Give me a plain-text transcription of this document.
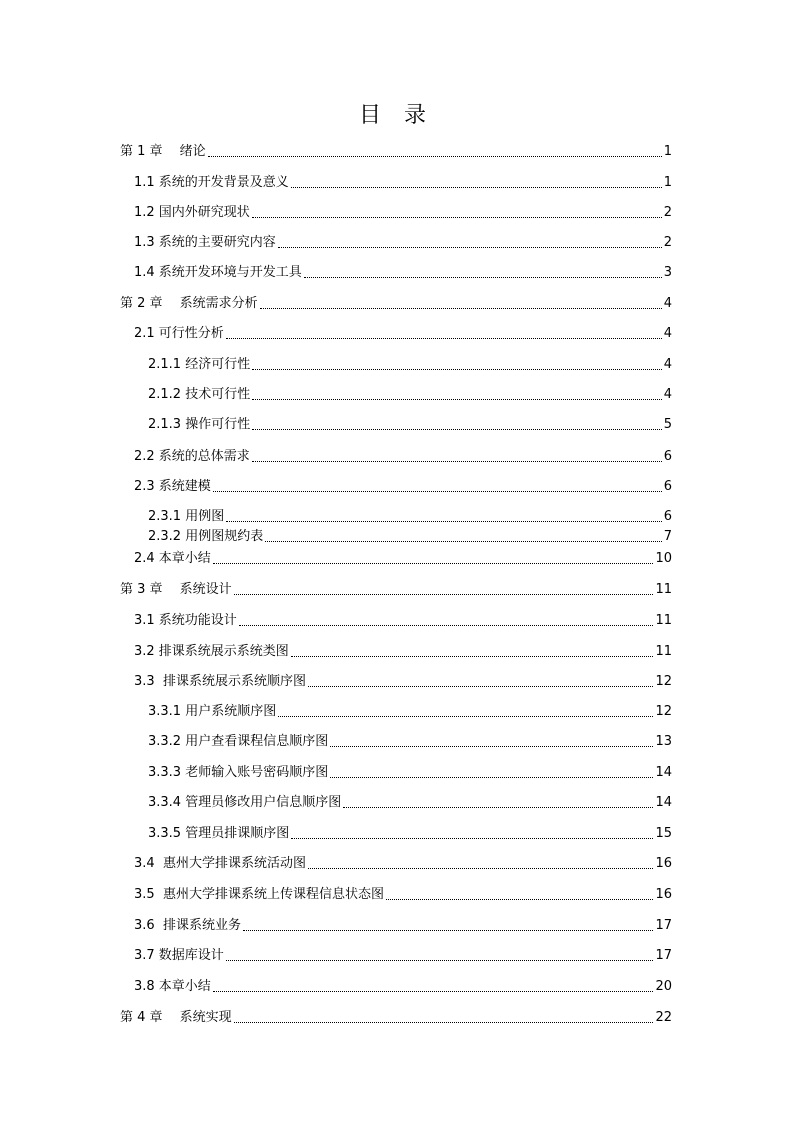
目 录
第 1 章　 绪论	1
1.1 系统的开发背景及意义	1
1.2 国内外研究现状	2
1.3 系统的主要研究内容	2
1.4 系统开发环境与开发工具	3
第 2 章　 系统需求分析	4
2.1 可行性分析	4
2.1.1 经济可行性	4
2.1.2 技术可行性	4
2.1.3 操作可行性	5
2.2 系统的总体需求	6
2.3 系统建模	6
2.3.1 用例图	6
2.3.2 用例图规约表	7
2.4 本章小结	10
第 3 章　 系统设计	11
3.1 系统功能设计	11
3.2 排课系统展示系统类图	11
3.3  排课系统展示系统顺序图	12
3.3.1 用户系统顺序图	12
3.3.2 用户查看课程信息顺序图	13
3.3.3 老师输入账号密码顺序图	14
3.3.4 管理员修改用户信息顺序图	14
3.3.5 管理员排课顺序图	15
3.4  惠州大学排课系统活动图	16
3.5  惠州大学排课系统上传课程信息状态图	16
3.6  排课系统业务	17
3.7 数据库设计	17
3.8 本章小结	20
第 4 章　 系统实现	22
